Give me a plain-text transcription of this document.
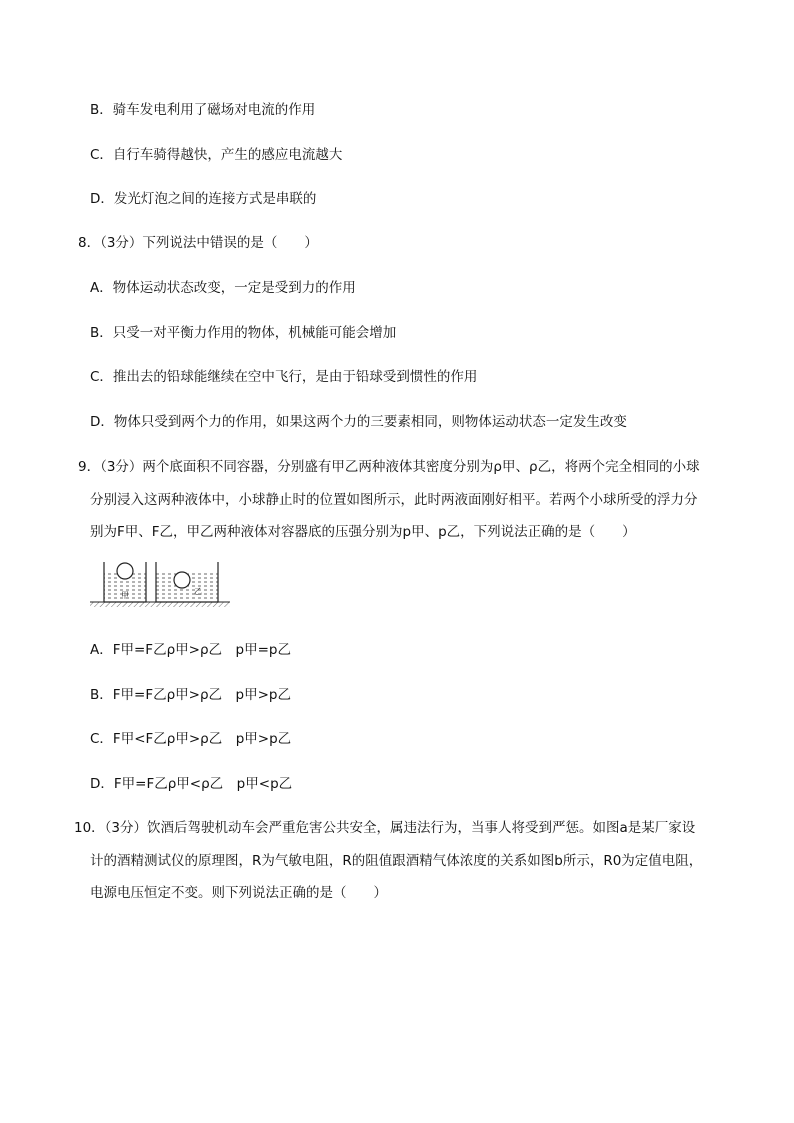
B．骑车发电利用了磁场对电流的作用
C．自行车骑得越快，产生的感应电流越大
D．发光灯泡之间的连接方式是串联的
8．（3分）下列说法中错误的是（　　）
A．物体运动状态改变，一定是受到力的作用
B．只受一对平衡力作用的物体，机械能可能会增加
C．推出去的铅球能继续在空中飞行，是由于铅球受到惯性的作用
D．物体只受到两个力的作用，如果这两个力的三要素相同，则物体运动状态一定发生改变
9．（3分）两个底面积不同容器，分别盛有甲乙两种液体其密度分别为ρ甲、ρ乙，将两个完全相同的小球
分别浸入这两种液体中，小球静止时的位置如图所示，此时两液面刚好相平。若两个小球所受的浮力分
别为F甲、F乙，甲乙两种液体对容器底的压强分别为p甲、p乙，下列说法正确的是（　　）
甲	乙
A．F甲=F乙ρ甲>ρ乙　p甲=p乙
B．F甲=F乙ρ甲>ρ乙　p甲>p乙
C．F甲<F乙ρ甲>ρ乙　p甲>p乙
D．F甲=F乙ρ甲<ρ乙　p甲<p乙
10．（3分）饮酒后驾驶机动车会严重危害公共安全，属违法行为，当事人将受到严惩。如图a是某厂家设
计的酒精测试仪的原理图，R为气敏电阻，R的阻值跟酒精气体浓度的关系如图b所示，R0为定值电阻，
电源电压恒定不变。则下列说法正确的是（　　）
